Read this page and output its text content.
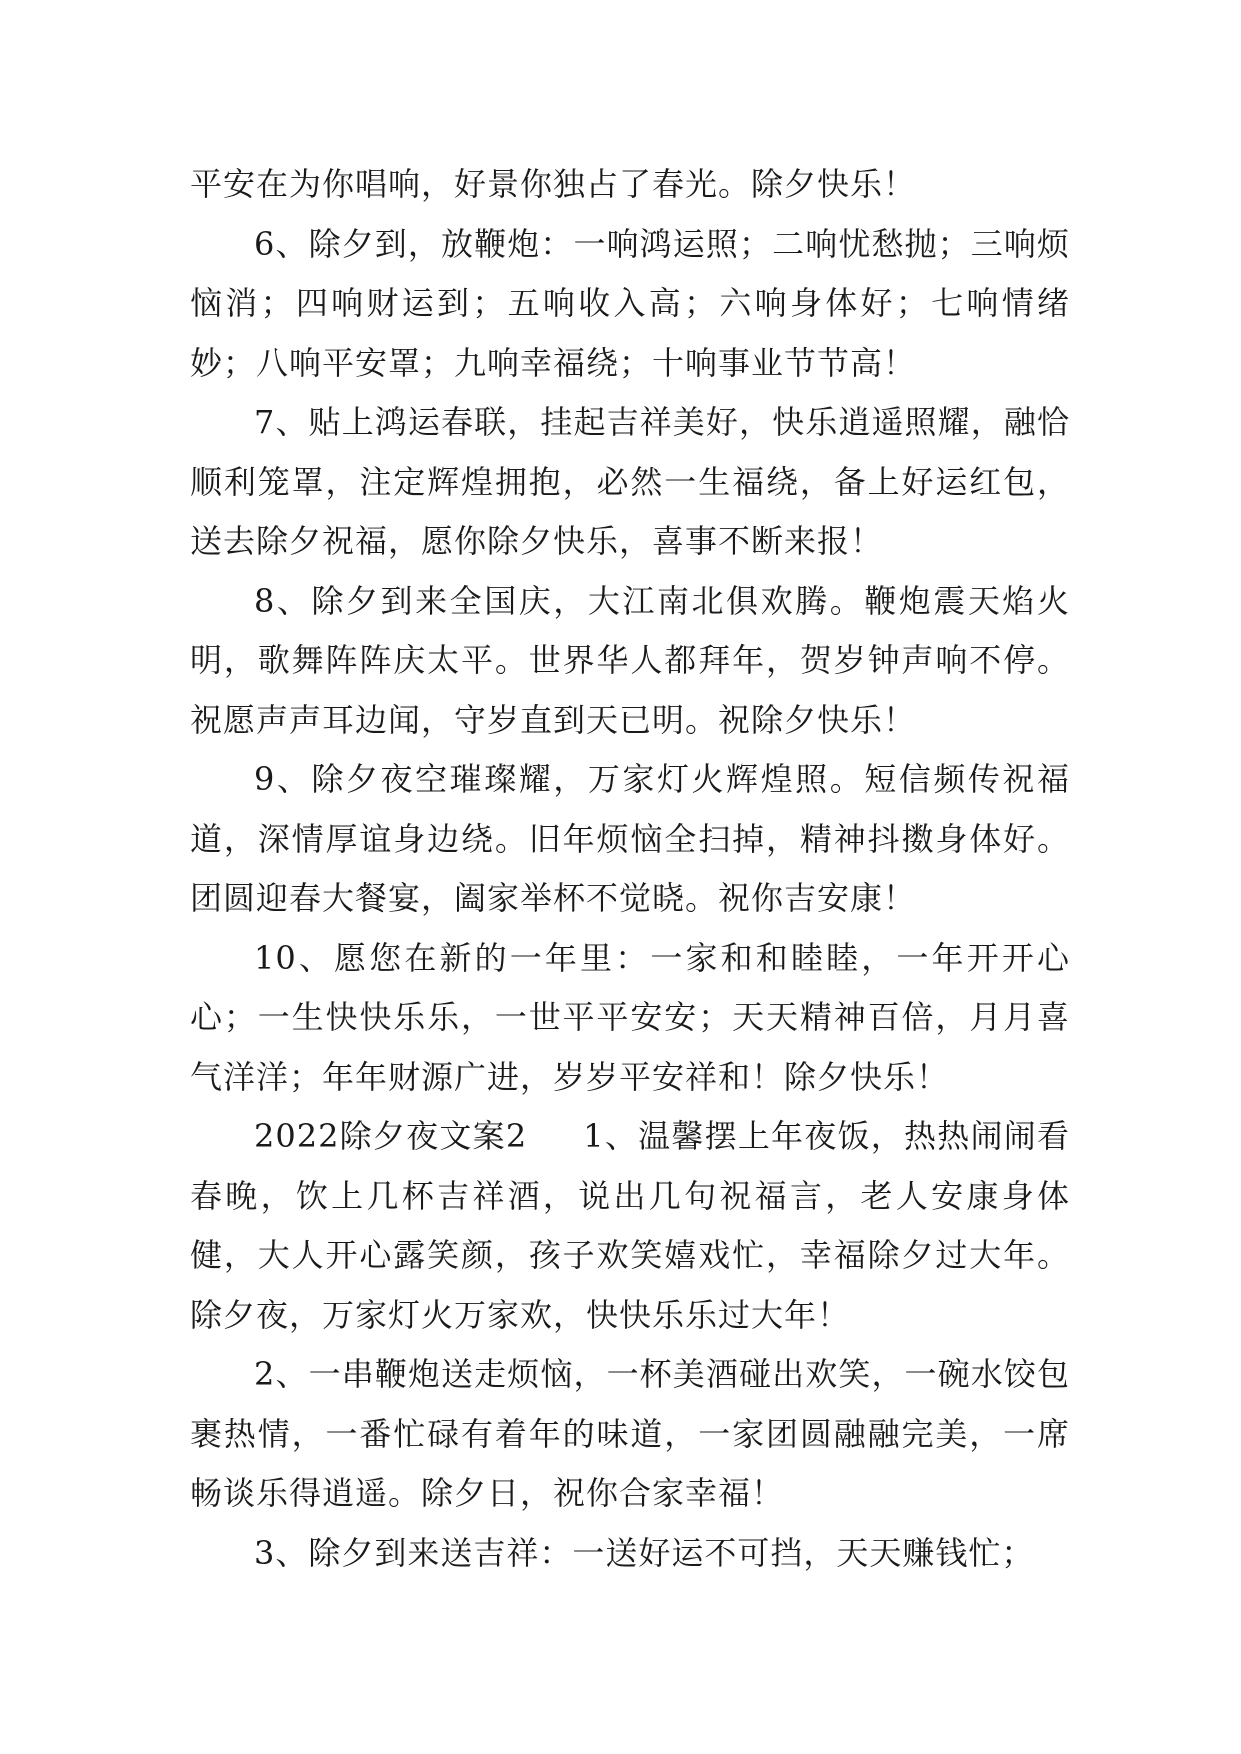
平安在为你唱响，好景你独占了春光。除夕快乐！

6、除夕到，放鞭炮：一响鸿运照；二响忧愁抛；三响烦恼消；四响财运到；五响收入高；六响身体好；七响情绪妙；八响平安罩；九响幸福绕；十响事业节节高！

7、贴上鸿运春联，挂起吉祥美好，快乐逍遥照耀，融恰顺利笼罩，注定辉煌拥抱，必然一生福绕，备上好运红包，送去除夕祝福，愿你除夕快乐，喜事不断来报！

8、除夕到来全国庆，大江南北俱欢腾。鞭炮震天焰火明，歌舞阵阵庆太平。世界华人都拜年，贺岁钟声响不停。祝愿声声耳边闻，守岁直到天已明。祝除夕快乐！

9、除夕夜空璀璨耀，万家灯火辉煌照。短信频传祝福道，深情厚谊身边绕。旧年烦恼全扫掉，精神抖擞身体好。团圆迎春大餐宴，阖家举杯不觉晓。祝你吉安康！

10、愿您在新的一年里：一家和和睦睦，一年开开心心；一生快快乐乐，一世平平安安；天天精神百倍，月月喜气洋洋；年年财源广进，岁岁平安祥和！除夕快乐！

2022除夕夜文案2 1、温馨摆上年夜饭，热热闹闹看春晚，饮上几杯吉祥酒，说出几句祝福言，老人安康身体健，大人开心露笑颜，孩子欢笑嬉戏忙，幸福除夕过大年。除夕夜，万家灯火万家欢，快快乐乐过大年！

2、一串鞭炮送走烦恼，一杯美酒碰出欢笑，一碗水饺包裹热情，一番忙碌有着年的味道，一家团圆融融完美，一席畅谈乐得逍遥。除夕日，祝你合家幸福！

3、除夕到来送吉祥：一送好运不可挡，天天赚钱忙；
